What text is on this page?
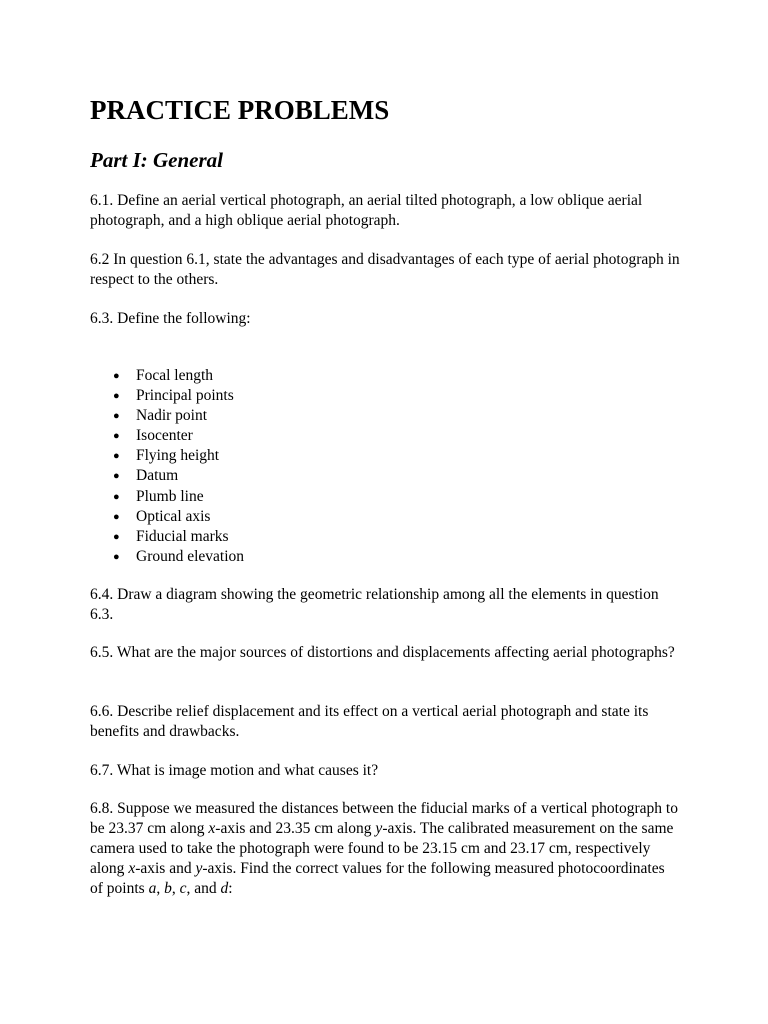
PRACTICE PROBLEMS
Part I: General

6.1. Define an aerial vertical photograph, an aerial tilted photograph, a low oblique aerial photograph, and a high oblique aerial photograph.

6.2 In question 6.1, state the advantages and disadvantages of each type of aerial photograph in respect to the others.

6.3. Define the following:

● Focal length
● Principal points
● Nadir point
● Isocenter
● Flying height
● Datum
● Plumb line
● Optical axis
● Fiducial marks
● Ground elevation

6.4. Draw a diagram showing the geometric relationship among all the elements in question 6.3.

6.5. What are the major sources of distortions and displacements affecting aerial photographs?

6.6. Describe relief displacement and its effect on a vertical aerial photograph and state its benefits and drawbacks.

6.7. What is image motion and what causes it?

6.8. Suppose we measured the distances between the fiducial marks of a vertical photograph to be 23.37 cm along x-axis and 23.35 cm along y-axis. The calibrated measurement on the same camera used to take the photograph were found to be 23.15 cm and 23.17 cm, respectively along x-axis and y-axis. Find the correct values for the following measured photocoordinates of points a, b, c, and d:
